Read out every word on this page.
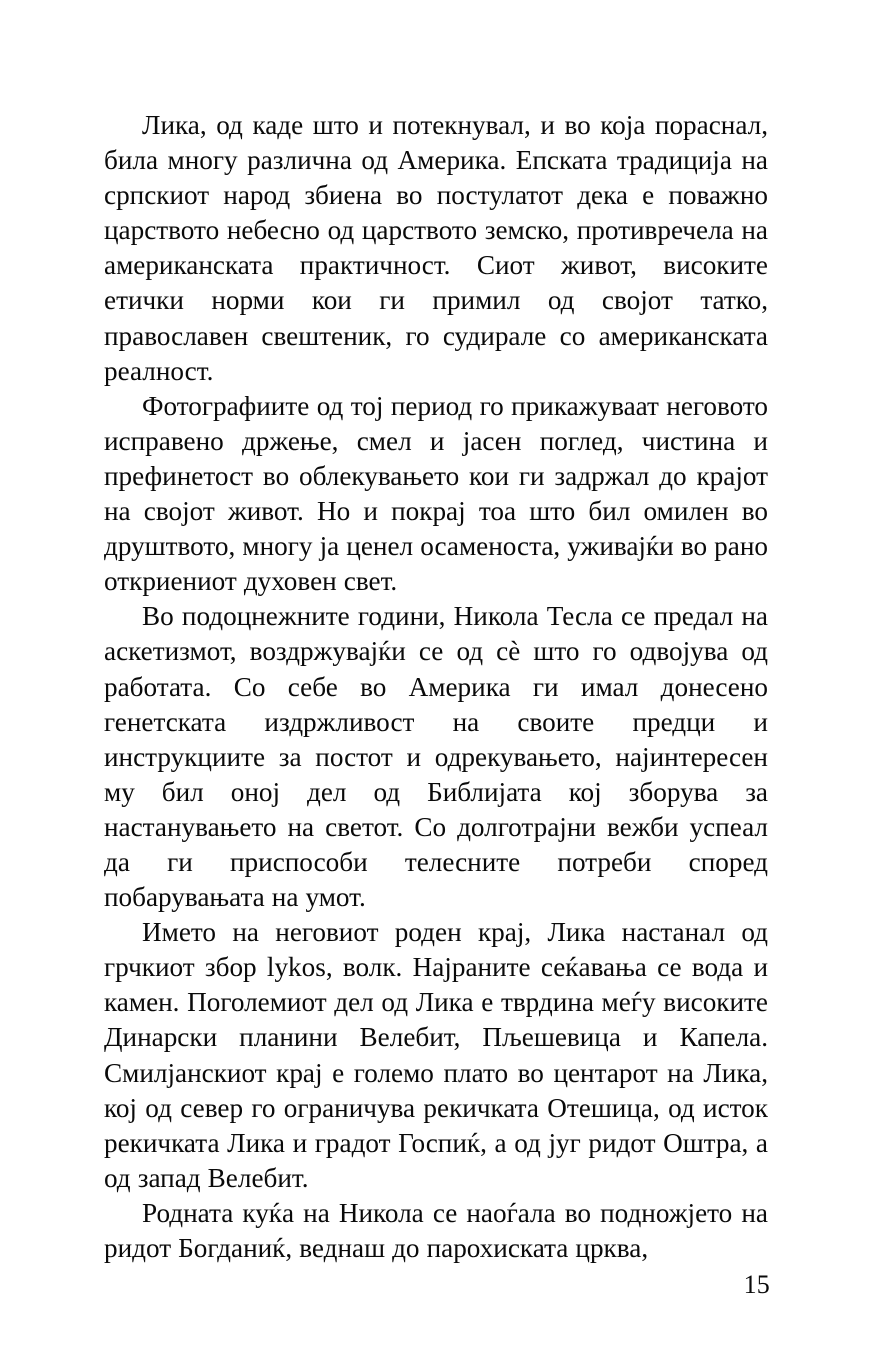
Лика, од каде што и потекнувал, и во која пораснал, била многу различна од Америка. Епската традиција на српскиот народ збиена во постулатот дека е поважно царството небесно од царството земско, противречела на американската практичност. Сиот живот, високите етички норми кои ги примил од својот татко, православен свештеник, го судирале со американската реалност.

Фотографиите од тој период го прикажуваат неговото исправено држење, смел и јасен поглед, чистина и префинетост во облекувањето кои ги задржал до крајот на својот живот. Но и покрај тоа што бил омилен во друштвото, многу ја ценел осаменоста, уживајќи во рано откриениот духовен свет.

Во подоцнежните години, Никола Тесла се предал на аскетизмот, воздржувајќи се од сè што го одвојува од работата. Со себе во Америка ги имал донесено генетската издржливост на своите предци и инструкциите за постот и одрекувањето, најинтересен му бил оној дел од Библијата кој зборува за настанувањето на светот. Со долготрајни вежби успеал да ги приспособи телесните потреби според побарувањата на умот.

Името на неговиот роден крај, Лика настанал од грчкиот збор lykos, волк. Најраните сеќавања се вода и камен. Поголемиот дел од Лика е тврдина меѓу високите Динарски планини Велебит, Пљешевица и Капела. Смилјанскиот крај е големо плато во центарот на Лика, кој од север го ограничува рекичката Отешица, од исток рекичката Лика и градот Госпиќ, а од југ ридот Оштра, а од запад Велебит.

Родната куќа на Никола се наоѓала во подножјето на ридот Богданиќ, веднаш до парохиската црква,

15
